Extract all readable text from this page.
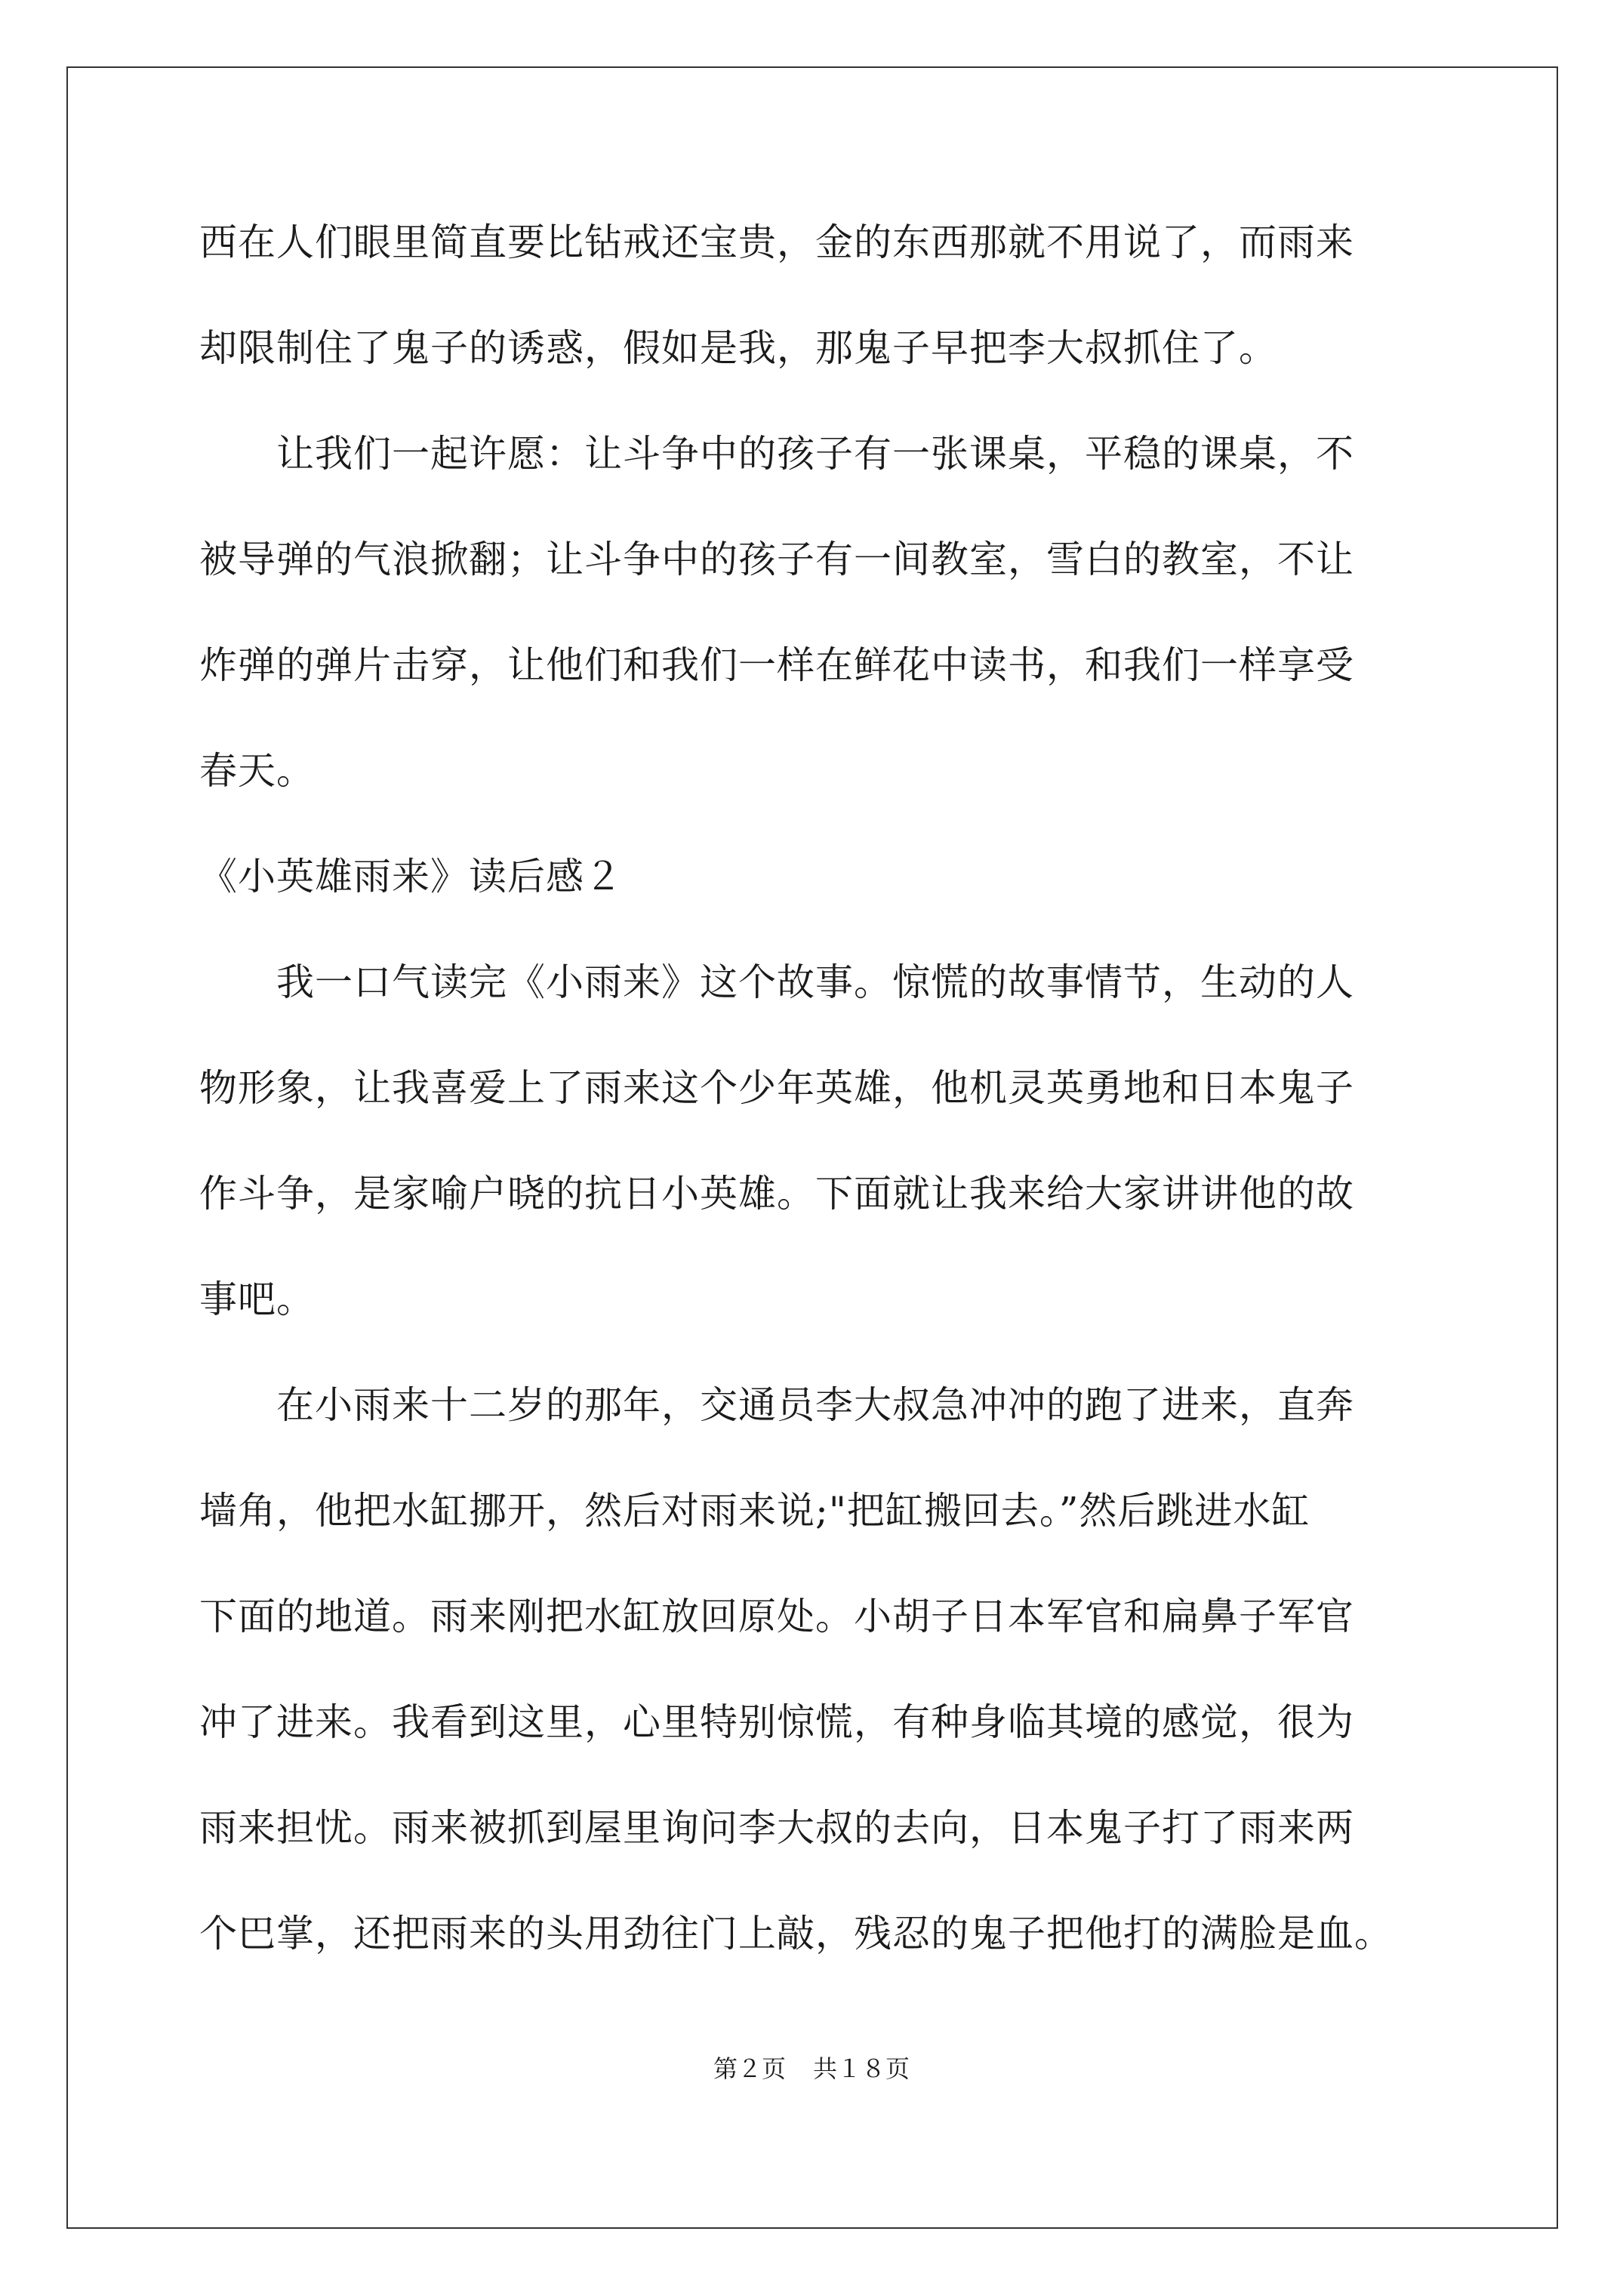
西在人们眼里简直要比钻戒还宝贵，金的东西那就不用说了，而雨来

却限制住了鬼子的诱惑，假如是我，那鬼子早把李大叔抓住了。

　　让我们一起许愿：让斗争中的孩子有一张课桌，平稳的课桌，不

被导弹的气浪掀翻；让斗争中的孩子有一间教室，雪白的教室，不让

炸弹的弹片击穿，让他们和我们一样在鲜花中读书，和我们一样享受

春天。

《小英雄雨来》读后感２

　　我一口气读完《小雨来》这个故事。惊慌的故事情节，生动的人

物形象，让我喜爱上了雨来这个少年英雄，他机灵英勇地和日本鬼子

作斗争，是家喻户晓的抗日小英雄。下面就让我来给大家讲讲他的故

事吧。

　　在小雨来十二岁的那年，交通员李大叔急冲冲的跑了进来，直奔

墙角，他把水缸挪开，然后对雨来说;"把缸搬回去。”然后跳进水缸

下面的地道。雨来刚把水缸放回原处。小胡子日本军官和扁鼻子军官

冲了进来。我看到这里，心里特别惊慌，有种身临其境的感觉，很为

雨来担忧。雨来被抓到屋里询问李大叔的去向，日本鬼子打了雨来两

个巴掌，还把雨来的头用劲往门上敲，残忍的鬼子把他打的满脸是血。

第２页 共１８页
